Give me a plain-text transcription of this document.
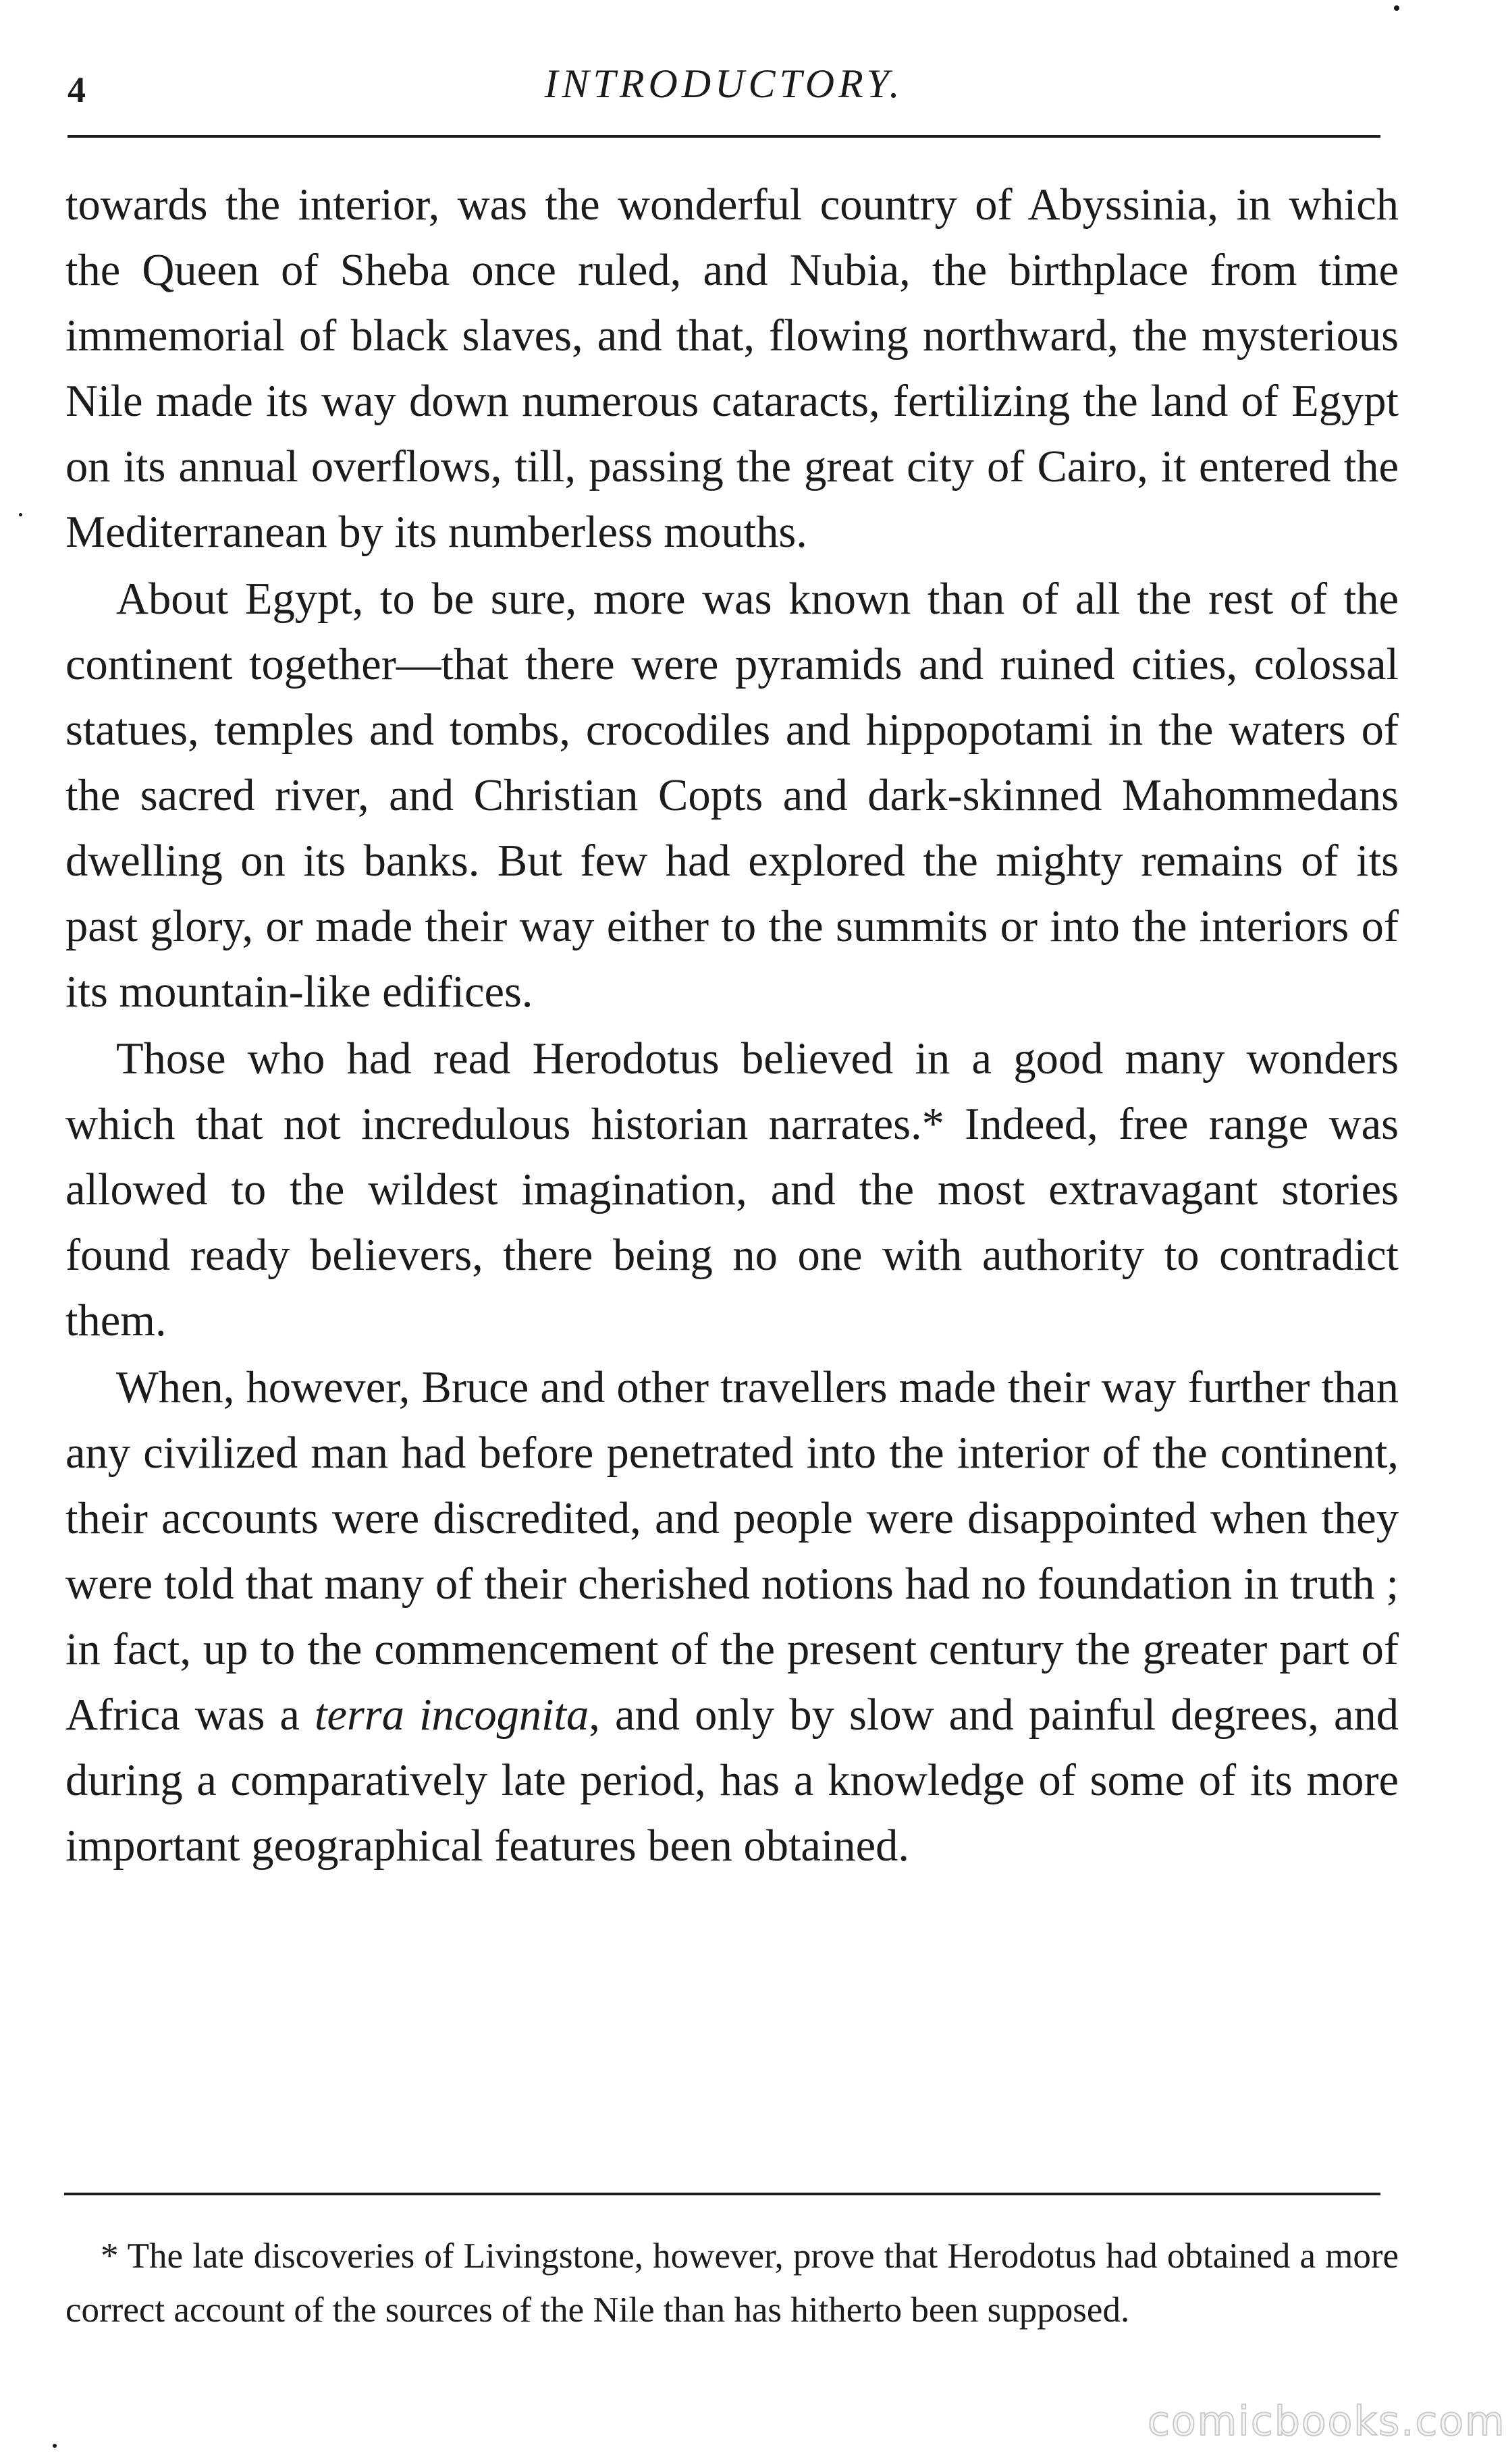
4	INTRODUCTORY.

towards the interior, was the wonderful country of Abyssinia, in which the Queen of Sheba once ruled, and Nubia, the birthplace from time immemorial of black slaves, and that, flowing northward, the mysterious Nile made its way down numerous cataracts, fertilizing the land of Egypt on its annual overflows, till, passing the great city of Cairo, it entered the Mediterranean by its numberless mouths.

About Egypt, to be sure, more was known than of all the rest of the continent together—that there were pyramids and ruined cities, colossal statues, temples and tombs, crocodiles and hippopotami in the waters of the sacred river, and Christian Copts and dark-skinned Mahommedans dwelling on its banks. But few had explored the mighty remains of its past glory, or made their way either to the summits or into the interiors of its mountain-like edifices.

Those who had read Herodotus believed in a good many wonders which that not incredulous historian narrates.* Indeed, free range was allowed to the wildest imagination, and the most extravagant stories found ready believers, there being no one with authority to contradict them.

When, however, Bruce and other travellers made their way further than any civilized man had before penetrated into the interior of the continent, their accounts were discredited, and people were disappointed when they were told that many of their cherished notions had no foundation in truth ; in fact, up to the commencement of the present century the greater part of Africa was a terra incognita, and only by slow and painful degrees, and during a comparatively late period, has a knowledge of some of its more important geographical features been obtained.

* The late discoveries of Livingstone, however, prove that Herodotus had obtained a more correct account of the sources of the Nile than has hitherto been supposed.

comicbooks.com
